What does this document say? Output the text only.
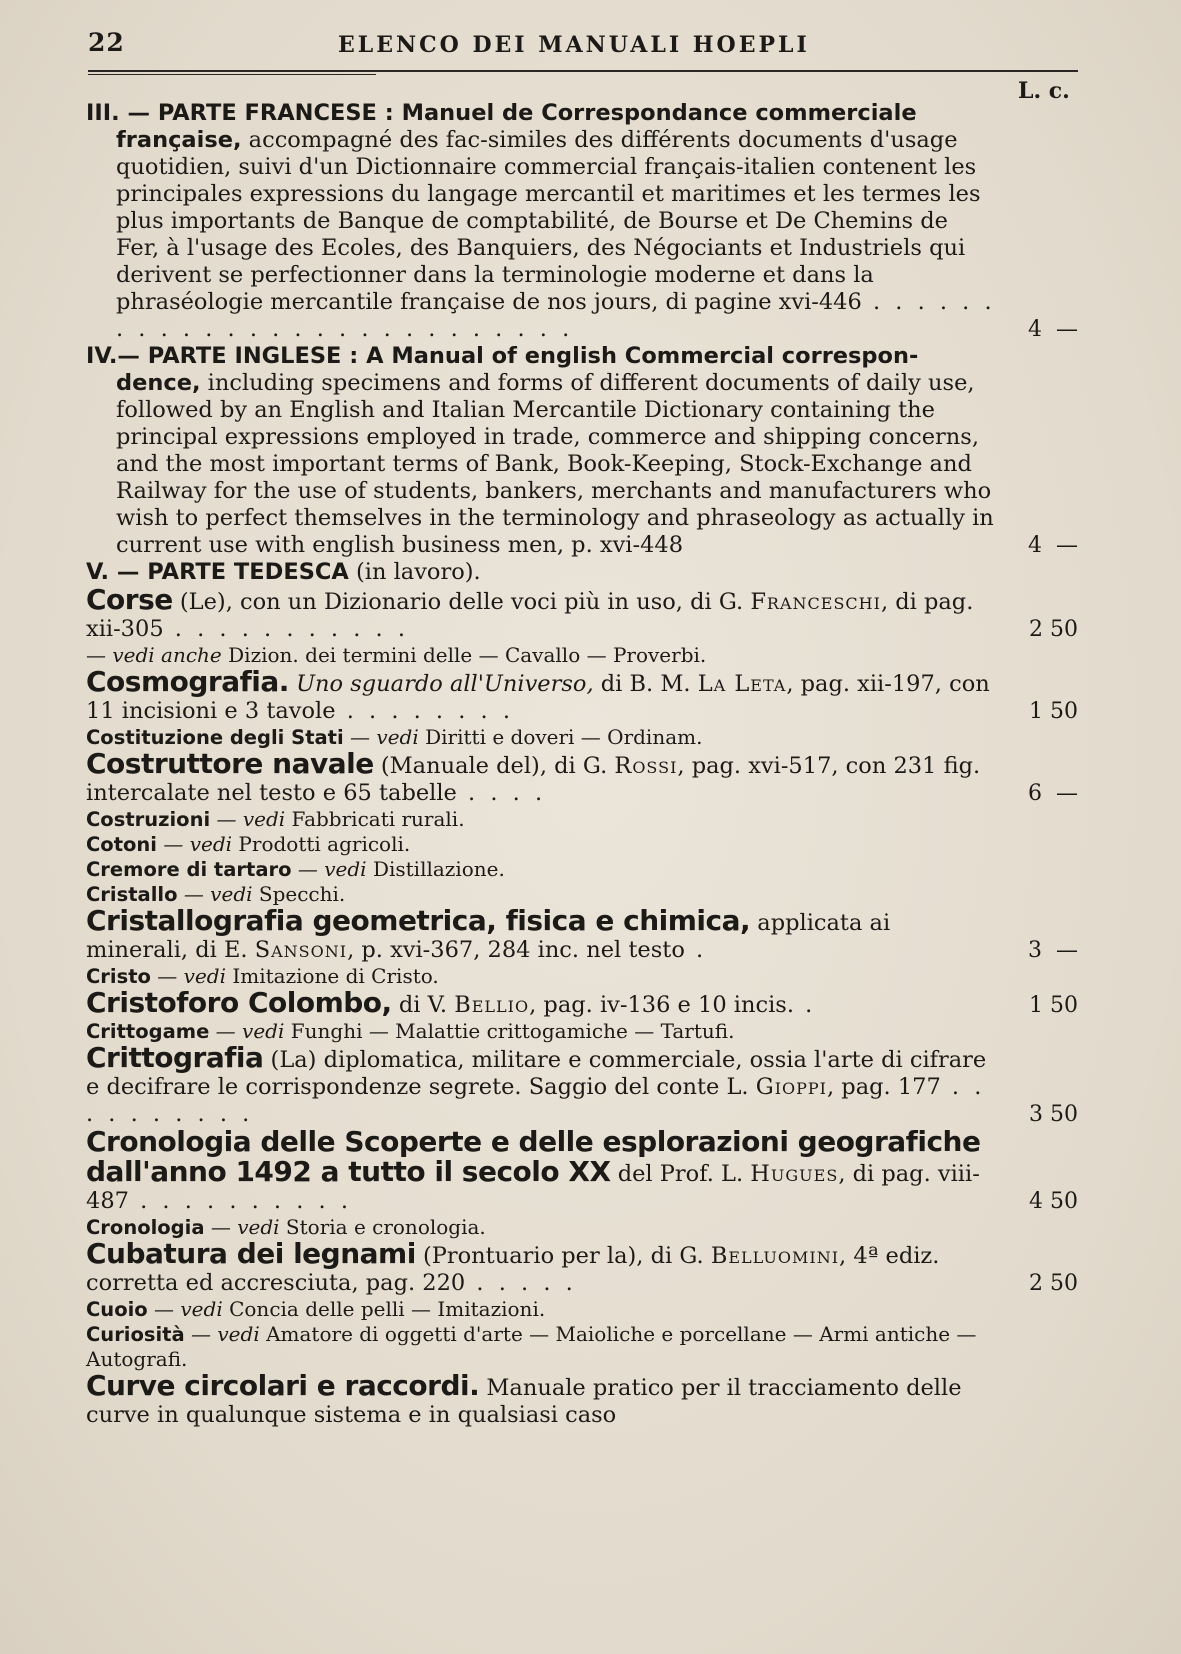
22	ELENCO DEI MANUALI HOEPLI
L. c.
III. — PARTE FRANCESE : Manuel de Correspondance commerciale
française, accompagné des fac-similes des différents documents d'usage quotidien, suivi d'un Dictionnaire commercial français-italien contenent les principales expressions du langage mercantil et maritimes et les termes les plus importants de Banque de comptabilité, de Bourse et De Chemins de Fer, à l'usage des Ecoles, des Banquiers, des Négociants et Industriels qui derivent se perfectionner dans la terminologie moderne et dans la phraséologie mercantile française de nos jours, di pagine xvi-446 . . . . . . . . . . . . . . . . . . . . . . . . . . .	4  —
IV.— PARTE INGLESE : A Manual of english Commercial correspon-
dence, including specimens and forms of different documents of daily use, followed by an English and Italian Mercantile Dictionary containing the principal expressions employed in trade, commerce and shipping concerns, and the most important terms of Bank, Book-Keeping, Stock-Exchange and Railway for the use of students, bankers, merchants and manufacturers who wish to perfect themselves in the terminology and phraseology as actually in current use with english business men, p. xvi-448	4  —
V. — PARTE TEDESCA (in lavoro).
Corse (Le), con un Dizionario delle voci più in uso, di G. Franceschi, di pag. xii-305 . . . . . . . . . . .	2 50
— vedi anche Dizion. dei termini delle — Cavallo — Proverbi.
Cosmografia. Uno sguardo all'Universo, di B. M. La Leta, pag. xii-197, con 11 incisioni e 3 tavole . . . . . . . .	1 50
Costituzione degli Stati — vedi Diritti e doveri — Ordinam.
Costruttore navale (Manuale del), di G. Rossi, pag. xvi-517, con 231 fig. intercalate nel testo e 65 tabelle . . . .	6  —
Costruzioni — vedi Fabbricati rurali.
Cotoni — vedi Prodotti agricoli.
Cremore di tartaro — vedi Distillazione.
Cristallo — vedi Specchi.
Cristallografia geometrica, fisica e chimica, applicata ai minerali, di E. Sansoni, p. xvi-367, 284 inc. nel testo .	3  —
Cristo — vedi Imitazione di Cristo.
Cristoforo Colombo, di V. Bellio, pag. iv-136 e 10 incis. .	1 50
Crittogame — vedi Funghi — Malattie crittogamiche — Tartufi.
Crittografia (La) diplomatica, militare e commerciale, ossia l'arte di cifrare e decifrare le corrispondenze segrete. Saggio del conte L. Gioppi, pag. 177 . . . . . . . . . .	3 50
Cronologia delle Scoperte e delle esplorazioni geografiche dall'anno 1492 a tutto il secolo XX del Prof. L. Hugues, di pag. viii-487 . . . . . . . . . .	4 50
Cronologia — vedi Storia e cronologia.
Cubatura dei legnami (Prontuario per la), di G. Belluomini, 4ª ediz. corretta ed accresciuta, pag. 220 . . . . .	2 50
Cuoio — vedi Concia delle pelli — Imitazioni.
Curiosità — vedi Amatore di oggetti d'arte — Maioliche e porcellane — Armi antiche — Autografi.
Curve circolari e raccordi. Manuale pratico per il tracciamento delle curve in qualunque sistema e in qualsiasi caso
